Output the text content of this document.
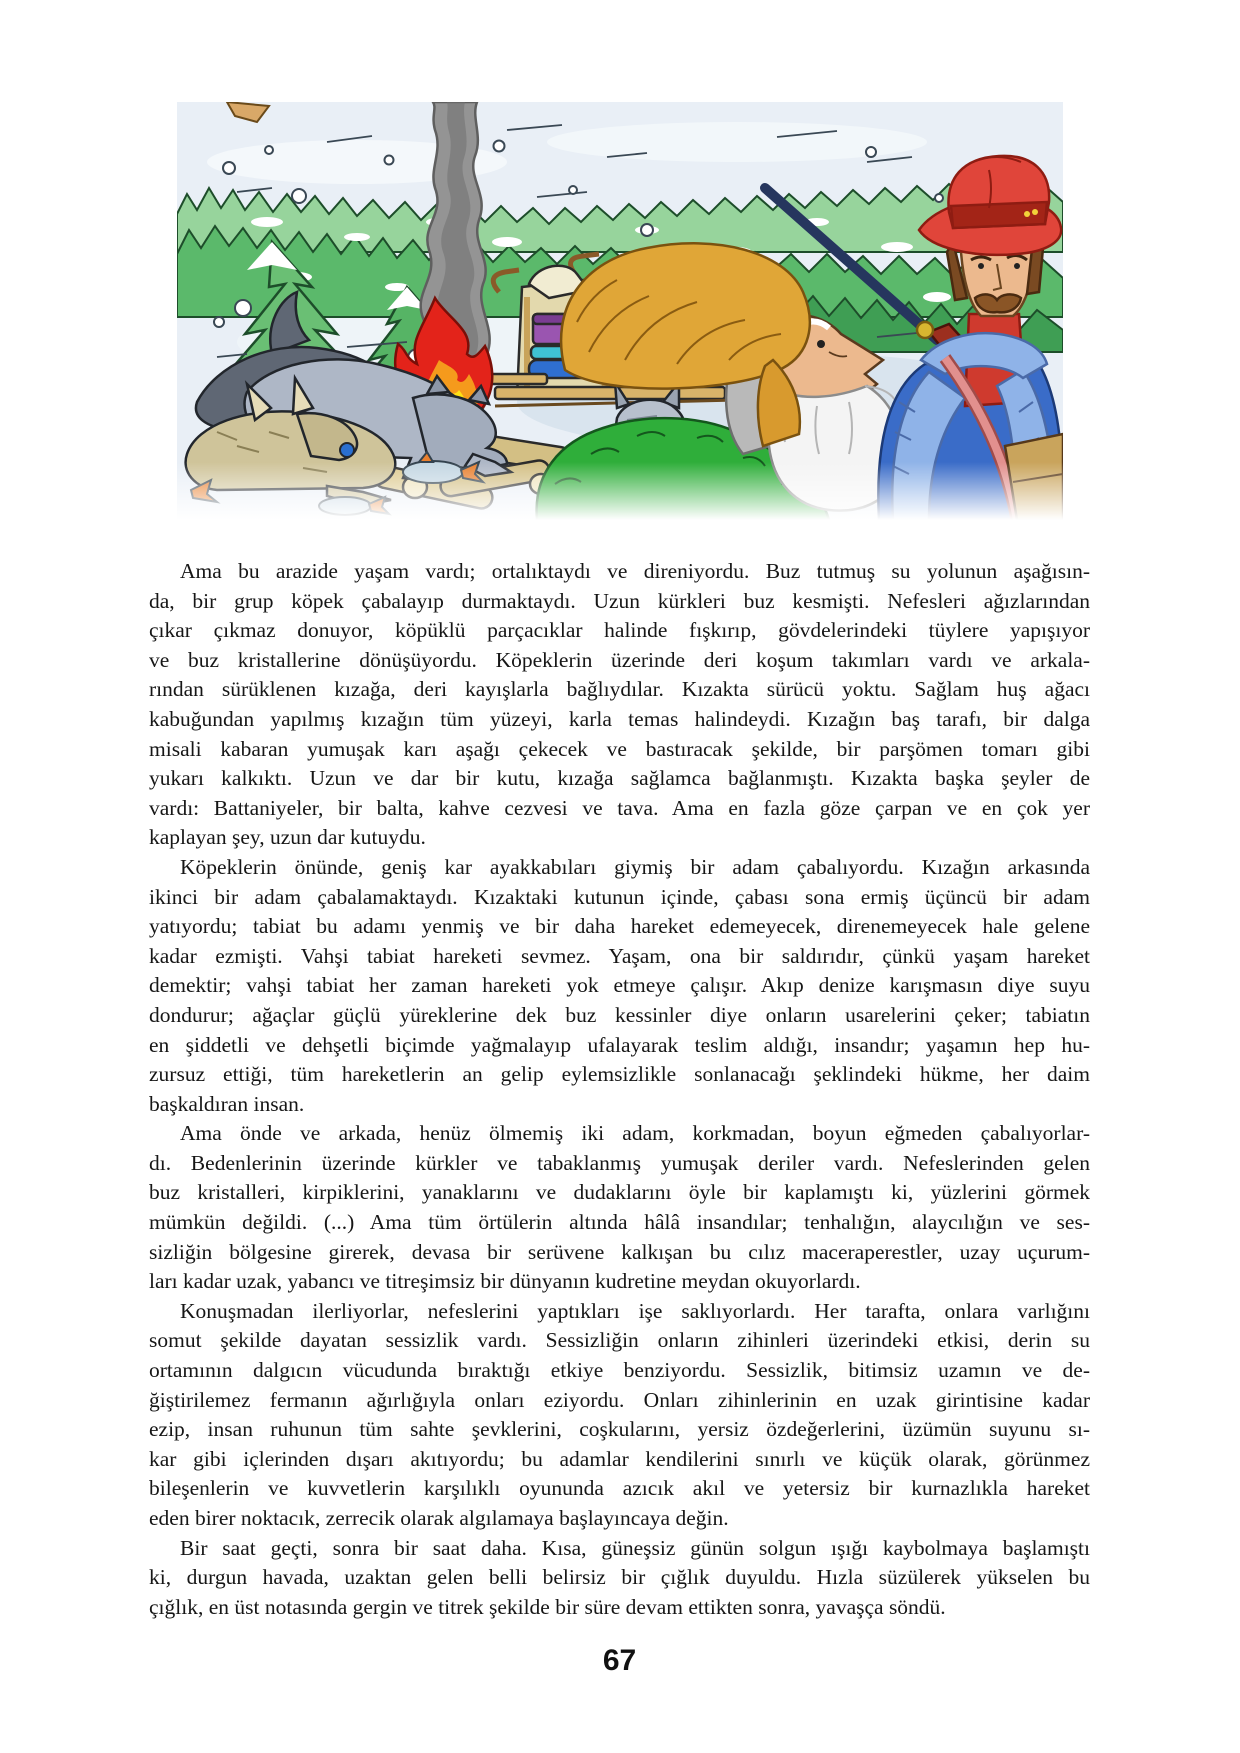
Ama bu arazide yaşam vardı; ortalıktaydı ve direniyordu. Buz tutmuş su yolunun aşağısın-
da, bir grup köpek çabalayıp durmaktaydı. Uzun kürkleri buz kesmişti. Nefesleri ağızlarından
çıkar çıkmaz donuyor, köpüklü parçacıklar halinde fışkırıp, gövdelerindeki tüylere yapışıyor
ve buz kristallerine dönüşüyordu. Köpeklerin üzerinde deri koşum takımları vardı ve arkala-
rından sürüklenen kızağa, deri kayışlarla bağlıydılar. Kızakta sürücü yoktu. Sağlam huş ağacı
kabuğundan yapılmış kızağın tüm yüzeyi, karla temas halindeydi. Kızağın baş tarafı, bir dalga
misali kabaran yumuşak karı aşağı çekecek ve bastıracak şekilde, bir parşömen tomarı gibi
yukarı kalkıktı. Uzun ve dar bir kutu, kızağa sağlamca bağlanmıştı. Kızakta başka şeyler de
vardı: Battaniyeler, bir balta, kahve cezvesi ve tava. Ama en fazla göze çarpan ve en çok yer
kaplayan şey, uzun dar kutuydu.
Köpeklerin önünde, geniş kar ayakkabıları giymiş bir adam çabalıyordu. Kızağın arkasında
ikinci bir adam çabalamaktaydı. Kızaktaki kutunun içinde, çabası sona ermiş üçüncü bir adam
yatıyordu; tabiat bu adamı yenmiş ve bir daha hareket edemeyecek, direnemeyecek hale gelene
kadar ezmişti. Vahşi tabiat hareketi sevmez. Yaşam, ona bir saldırıdır, çünkü yaşam hareket
demektir; vahşi tabiat her zaman hareketi yok etmeye çalışır. Akıp denize karışmasın diye suyu
dondurur; ağaçlar güçlü yüreklerine dek buz kessinler diye onların usarelerini çeker; tabiatın
en şiddetli ve dehşetli biçimde yağmalayıp ufalayarak teslim aldığı, insandır; yaşamın hep hu-
zursuz ettiği, tüm hareketlerin an gelip eylemsizlikle sonlanacağı şeklindeki hükme, her daim
başkaldıran insan.
Ama önde ve arkada, henüz ölmemiş iki adam, korkmadan, boyun eğmeden çabalıyorlar-
dı. Bedenlerinin üzerinde kürkler ve tabaklanmış yumuşak deriler vardı. Nefeslerinden gelen
buz kristalleri, kirpiklerini, yanaklarını ve dudaklarını öyle bir kaplamıştı ki, yüzlerini görmek
mümkün değildi. (...) Ama tüm örtülerin altında hâlâ insandılar; tenhalığın, alaycılığın ve ses-
sizliğin bölgesine girerek, devasa bir serüvene kalkışan bu cılız maceraperestler, uzay uçurum-
ları kadar uzak, yabancı ve titreşimsiz bir dünyanın kudretine meydan okuyorlardı.
Konuşmadan ilerliyorlar, nefeslerini yaptıkları işe saklıyorlardı. Her tarafta, onlara varlığını
somut şekilde dayatan sessizlik vardı. Sessizliğin onların zihinleri üzerindeki etkisi, derin su
ortamının dalgıcın vücudunda bıraktığı etkiye benziyordu. Sessizlik, bitimsiz uzamın ve de-
ğiştirilemez fermanın ağırlığıyla onları eziyordu. Onları zihinlerinin en uzak girintisine kadar
ezip, insan ruhunun tüm sahte şevklerini, coşkularını, yersiz özdeğerlerini, üzümün suyunu sı-
kar gibi içlerinden dışarı akıtıyordu; bu adamlar kendilerini sınırlı ve küçük olarak, görünmez
bileşenlerin ve kuvvetlerin karşılıklı oyununda azıcık akıl ve yetersiz bir kurnazlıkla hareket
eden birer noktacık, zerrecik olarak algılamaya başlayıncaya değin.
Bir saat geçti, sonra bir saat daha. Kısa, güneşsiz günün solgun ışığı kaybolmaya başlamıştı
ki, durgun havada, uzaktan gelen belli belirsiz bir çığlık duyuldu. Hızla süzülerek yükselen bu
çığlık, en üst notasında gergin ve titrek şekilde bir süre devam ettikten sonra, yavaşça söndü.
67
